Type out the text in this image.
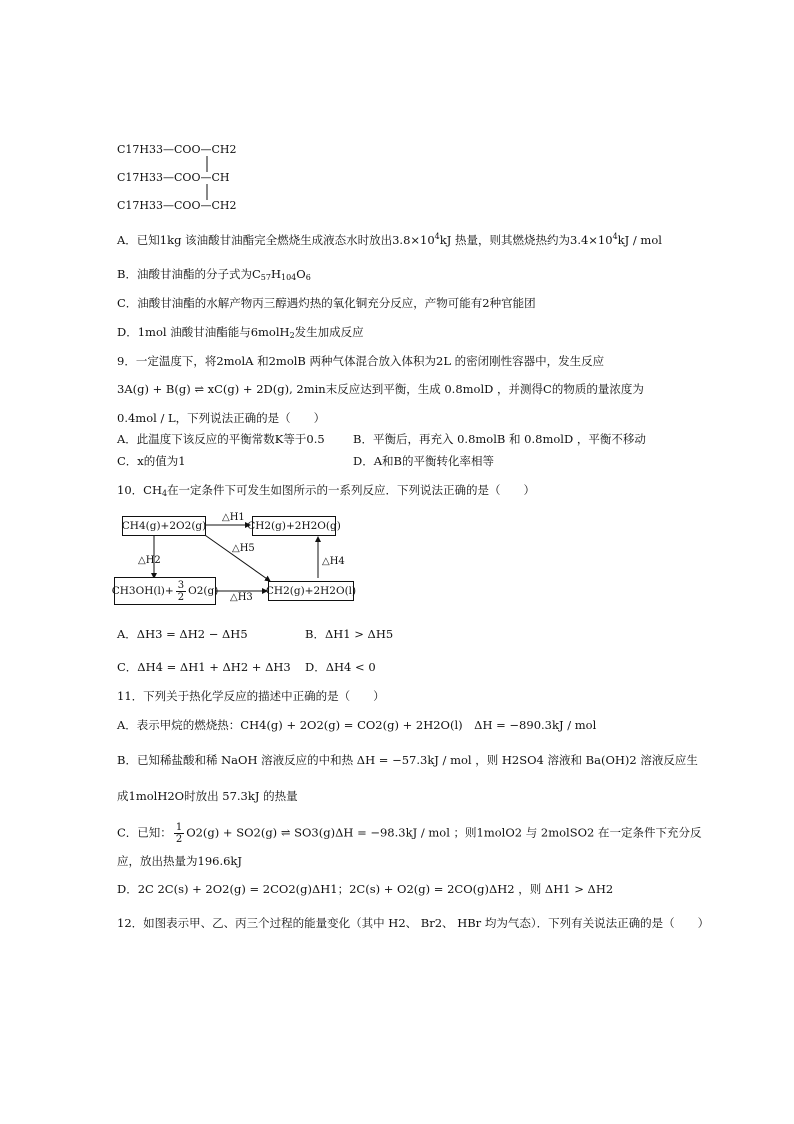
C17H33—COO—CH2
C17H33—COO—CH
C17H33—COO—CH2
A．已知1kg 该油酸甘油酯完全燃烧生成液态水时放出$3.8\times 10^4kJ$ 热量，则其燃烧热约为$3.4\times 10^4kJ$ / mol
B．油酸甘油酯的分子式为$C_{57}H_{104}O_6$
C．油酸甘油酯的水解产物丙三醇遇灼热的氧化铜充分反应，产物可能有2种官能团
D．1mol 油酸甘油酯能与6molH$_2$发生加成反应
9．一定温度下，将2molA 和2molB 两种气体混合放入体积为2L 的密闭刚性容器中，发生反应
3A(g) + B(g) ⇌ xC(g) + 2D(g), 2min末反应达到平衡，生成 0.8molD ，并测得C的物质的量浓度为
0.4mol / L，下列说法正确的是（　　）
A．此温度下该反应的平衡常数K等于0.5 B．平衡后，再充入 0.8molB 和 0.8molD ，平衡不移动
C．x的值为1	D．A和B的平衡转化率相等
10．$CH_4$在一定条件下可发生如图所示的一系列反应．下列说法正确的是（　　）
CH4(g)+2O2(g)	CH2(g)+2H2O(g)
$CH3OH(l)+ \frac{3}{2} O2(g)$	CH2(g)+2H2O(l)
△H1
△H2
△H3
△H4
△H5
A．ΔH3 = ΔH2 − ΔH5	B．ΔH1 > ΔH5
C．ΔH4 = ΔH1 + ΔH2 + ΔH3 D．ΔH4 < 0
11．下列关于热化学反应的描述中正确的是（　　）
A．表示甲烷的燃烧热：CH4(g) + 2O2(g) = CO2(g) + 2H2O(l)　ΔH = −890.3kJ / mol
B．已知稀盐酸和稀 NaOH 溶液反应的中和热 ΔH = −57.3kJ / mol ，则 H2SO4 溶液和 Ba(OH)2 溶液反应生
成1molH2O时放出 57.3kJ 的热量
C．已知： $\frac{1}{2} O2(g) + SO2(g)$ ⇌ SO3(g)ΔH = −98.3kJ / mol ；则1molO2 与 2molSO2 在一定条件下充分反
应，放出热量为196.6kJ
D．2C 2C(s) + 2O2(g) = 2CO2(g)ΔH1；2C(s) + O2(g) = 2CO(g)ΔH2 ，则 ΔH1 > ΔH2
12．如图表示甲、乙、丙三个过程的能量变化（其中 H2、 Br2、 HBr 均为气态）．下列有关说法正确的是（　　）
